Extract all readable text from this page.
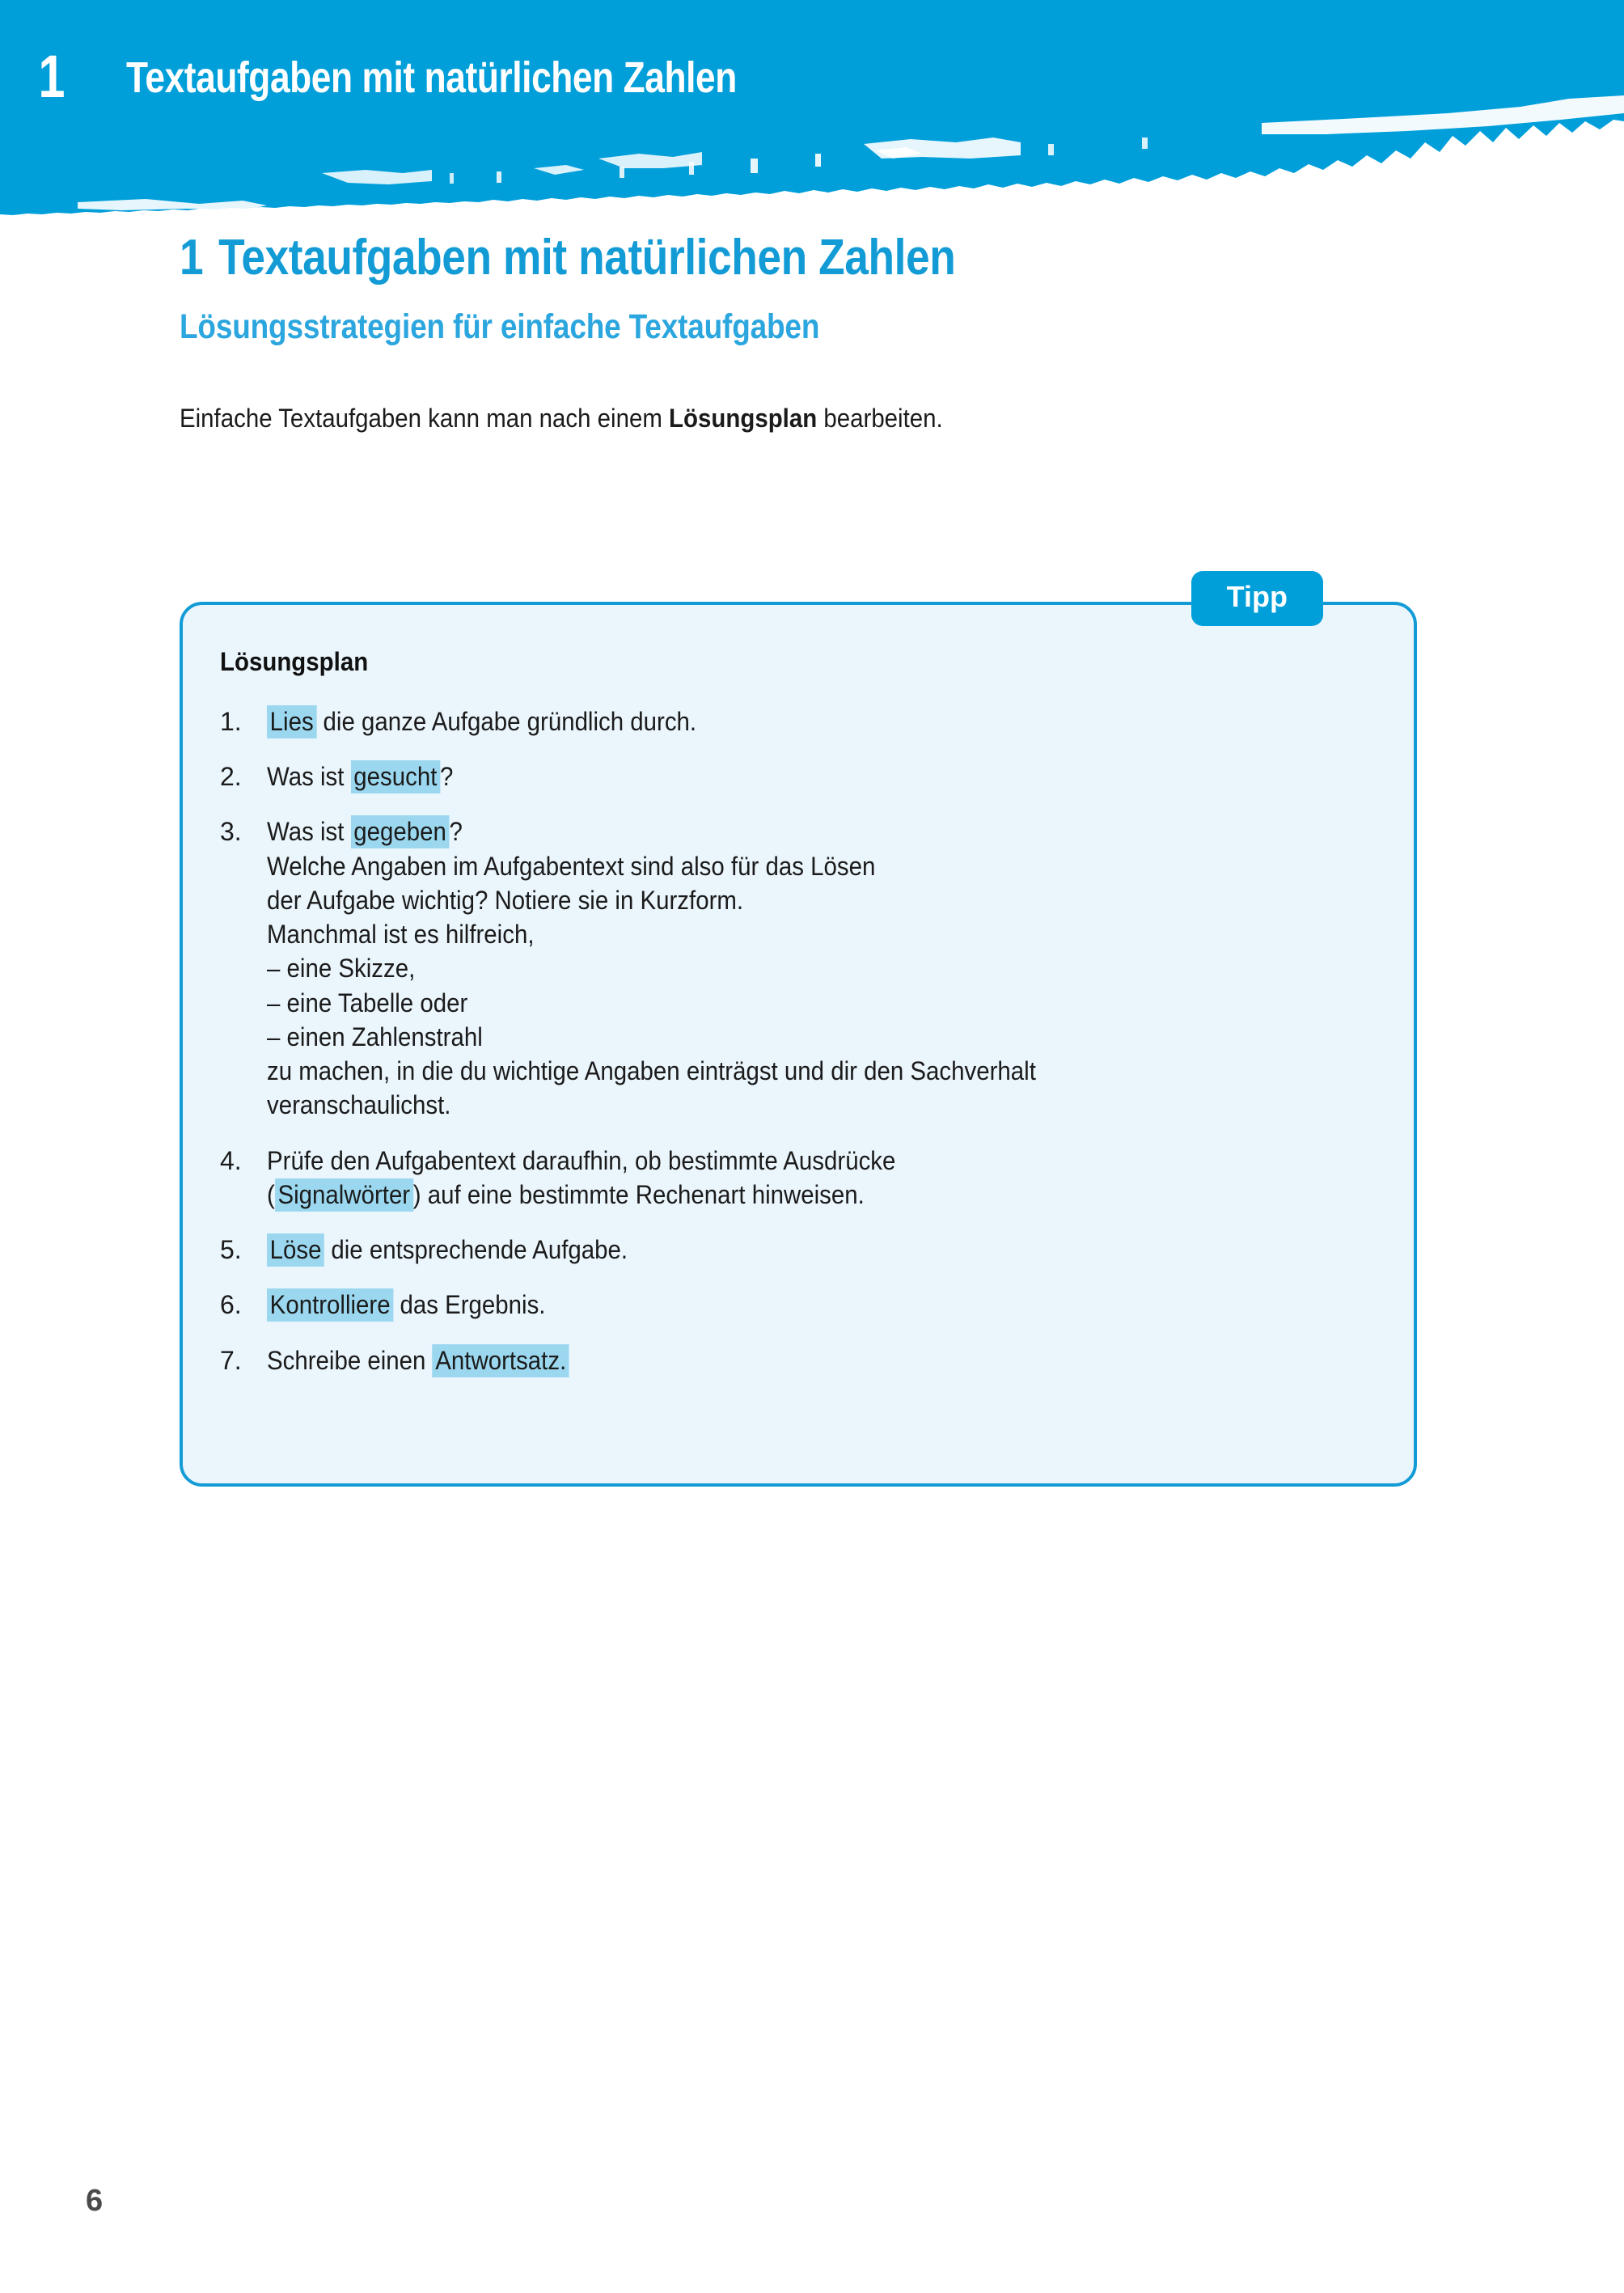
1	Textaufgaben mit natürlichen Zahlen
1 Textaufgaben mit natürlichen Zahlen
Lösungsstrategien für einfache Textaufgaben

Einfache Textaufgaben kann man nach einem Lösungsplan bearbeiten.

Tipp
Lösungsplan
Lies die ganze Aufgabe gründlich durch.
Was ist gesucht ?
Was ist gegeben ?
Welche Angaben im Aufgabentext sind also für das Lösen
der Aufgabe wichtig? Notiere sie in Kurzform.
Manchmal ist es hilfreich,
– eine Skizze,
– eine Tabelle oder
– einen Zahlenstrahl
zu machen, in die du wichtige Angaben einträgst und dir den Sachverhalt
veranschaulichst.
Prüfe den Aufgabentext daraufhin, ob bestimmte Ausdrücke
( Signalwörter ) auf eine bestimmte Rechenart hinweisen.
Löse die entsprechende Aufgabe.
Kontrolliere das Ergebnis.
Schreibe einen Antwortsatz.
6
